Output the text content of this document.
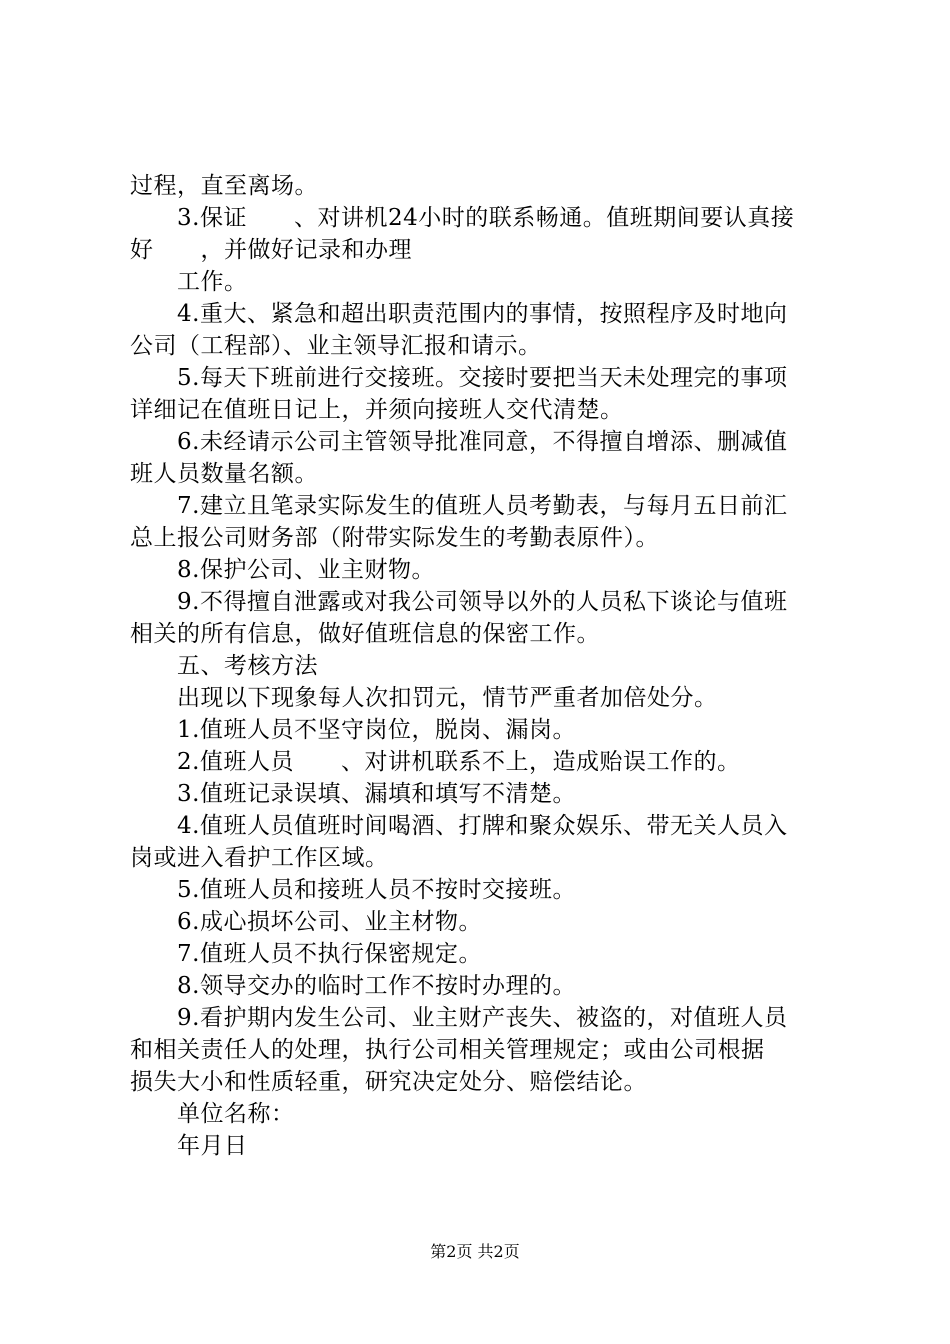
过程，直至离场。
3.保证　　、对讲机24小时的联系畅通。值班期间要认真接
好　　，并做好记录和办理
工作。
4.重大、紧急和超出职责范围内的事情，按照程序及时地向
公司（工程部）、业主领导汇报和请示。
5.每天下班前进行交接班。交接时要把当天未处理完的事项
详细记在值班日记上，并须向接班人交代清楚。
6.未经请示公司主管领导批准同意，不得擅自增添、删减值
班人员数量名额。
7.建立且笔录实际发生的值班人员考勤表，与每月五日前汇
总上报公司财务部（附带实际发生的考勤表原件）。
8.保护公司、业主财物。
9.不得擅自泄露或对我公司领导以外的人员私下谈论与值班
相关的所有信息，做好值班信息的保密工作。
五、考核方法
出现以下现象每人次扣罚元，情节严重者加倍处分。
1.值班人员不坚守岗位，脱岗、漏岗。
2.值班人员　　、对讲机联系不上，造成贻误工作的。
3.值班记录误填、漏填和填写不清楚。
4.值班人员值班时间喝酒、打牌和聚众娱乐、带无关人员入
岗或进入看护工作区域。
5.值班人员和接班人员不按时交接班。
6.成心损坏公司、业主材物。
7.值班人员不执行保密规定。
8.领导交办的临时工作不按时办理的。
9.看护期内发生公司、业主财产丧失、被盗的，对值班人员
和相关责任人的处理，执行公司相关管理规定；或由公司根据
损失大小和性质轻重，研究决定处分、赔偿结论。
单位名称：
年月日
第2页 共2页
